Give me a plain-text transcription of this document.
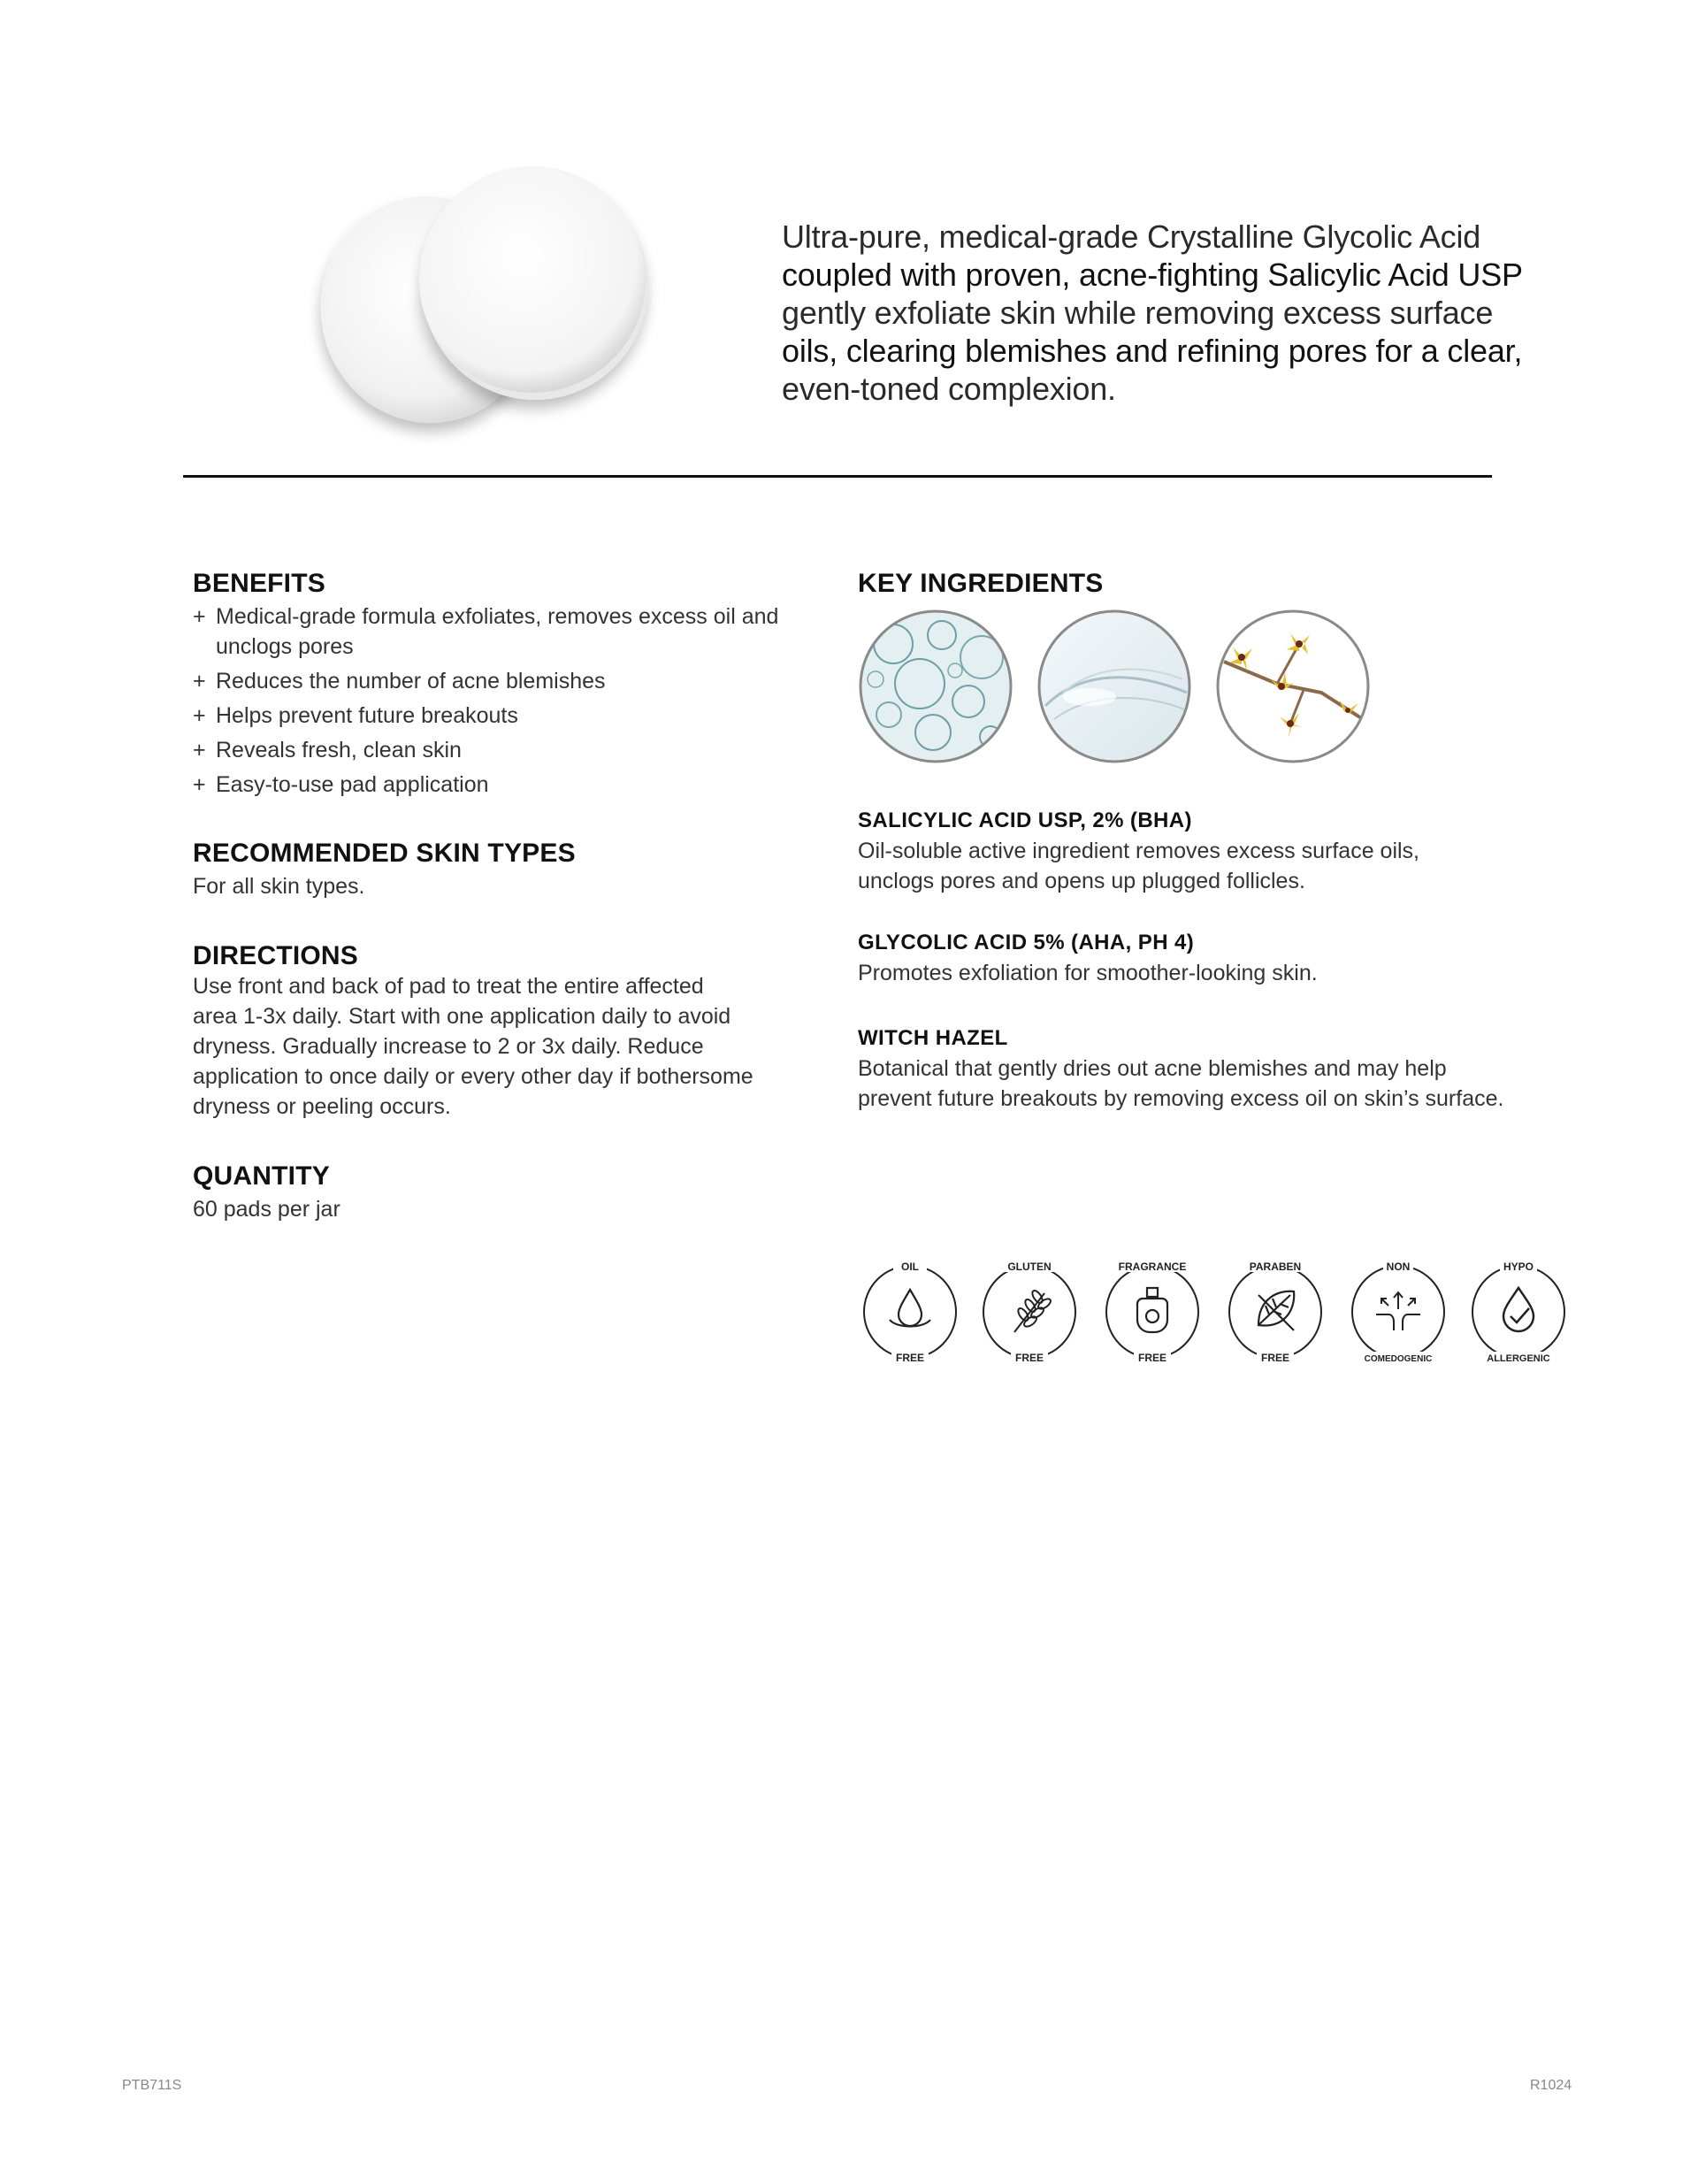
Ultra-pure, medical-grade Crystalline Glycolic Acid
coupled with proven, acne-fighting Salicylic Acid USP
gently exfoliate skin while removing excess surface
oils, clearing blemishes and refining pores for a clear,
even-toned complexion.
BENEFITS
+ Medical-grade formula exfoliates, removes excess oil and unclogs pores
+ Reduces the number of acne blemishes
+ Helps prevent future breakouts
+ Reveals fresh, clean skin
+ Easy-to-use pad application
RECOMMENDED SKIN TYPES
For all skin types.
DIRECTIONS
Use front and back of pad to treat the entire affected
area 1-3x daily. Start with one application daily to avoid
dryness. Gradually increase to 2 or 3x daily. Reduce
application to once daily or every other day if bothersome
dryness or peeling occurs.
QUANTITY
60 pads per jar
KEY INGREDIENTS
SALICYLIC ACID USP, 2% (BHA)
Oil-soluble active ingredient removes excess surface oils,
unclogs pores and opens up plugged follicles.
GLYCOLIC ACID 5% (AHA, PH 4)
Promotes exfoliation for smoother-looking skin.
WITCH HAZEL
Botanical that gently dries out acne blemishes and may help
prevent future breakouts by removing excess oil on skin’s surface.
OIL
FREE
GLUTEN
FREE
FRAGRANCE
FREE
PARABEN
FREE
NON
COMEDOGENIC
HYPO
ALLERGENIC
PTB711S	R1024
